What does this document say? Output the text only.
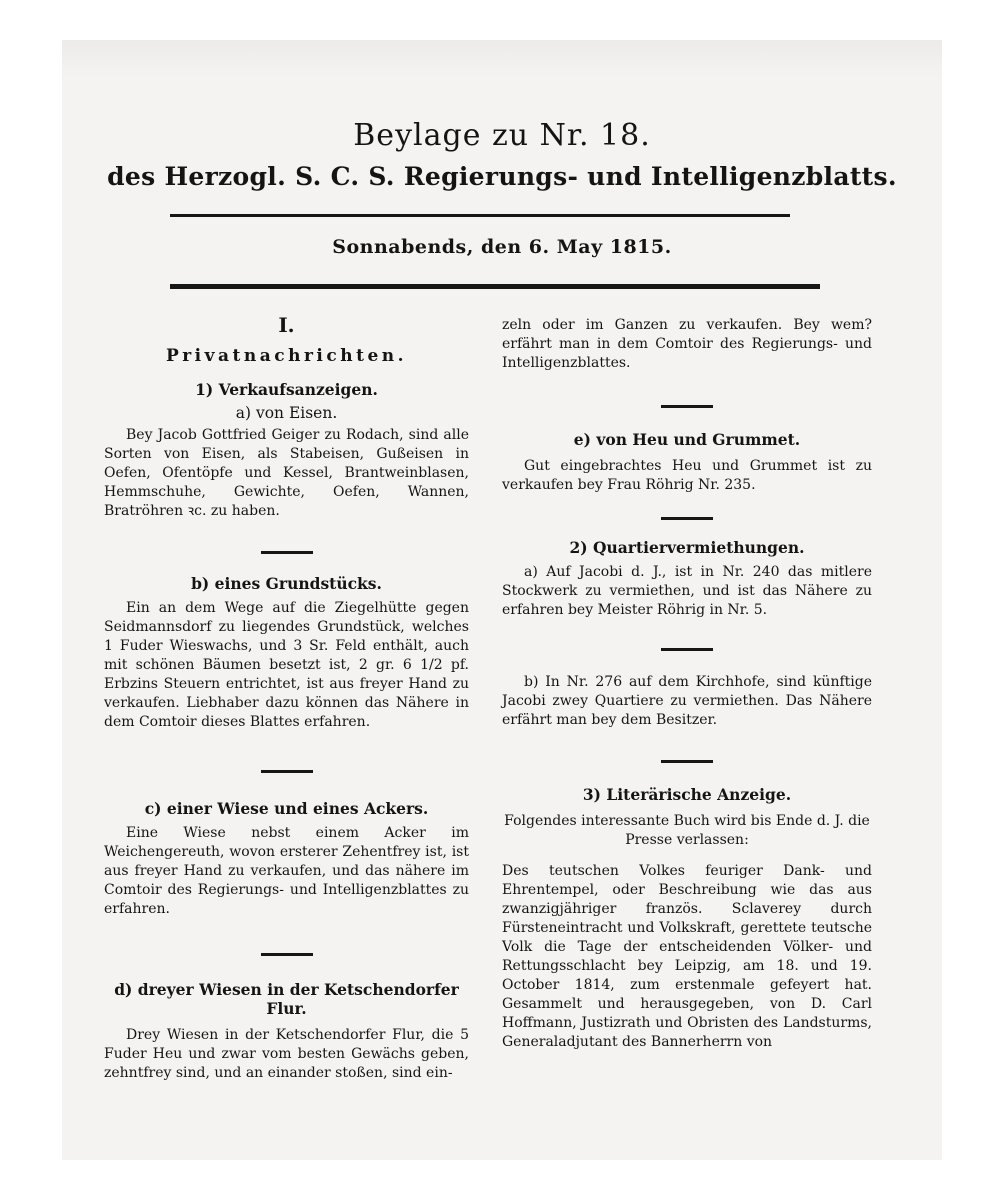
Beylage zu Nr. 18.
des Herzogl. S. C. S. Regierungs- und Intelligenzblatts.
Sonnabends, den 6. May 1815.

I.

Privatnachrichten.

1) Verkaufsanzeigen.

a) von Eisen.

Bey Jacob Gottfried Geiger zu Rodach, sind alle Sorten von Eisen, als Stabeisen, Gußeisen in Oefen, Ofentöpfe und Kessel, Brantweinblasen, Hemmschuhe, Gewichte, Oefen, Wannen, Bratröhren ꝛc. zu haben.

b) eines Grundstücks.

Ein an dem Wege auf die Ziegelhütte gegen Seidmannsdorf zu liegendes Grundstück, welches 1 Fuder Wieswachs, und 3 Sr. Feld enthält, auch mit schönen Bäumen besetzt ist, 2 gr. 6 1/2 pf. Erbzins Steuern entrichtet, ist aus freyer Hand zu verkaufen. Liebhaber dazu können das Nähere in dem Comtoir dieses Blattes erfahren.

c) einer Wiese und eines Ackers.

Eine Wiese nebst einem Acker im Weichengereuth, wovon ersterer Zehentfrey ist, ist aus freyer Hand zu verkaufen, und das nähere im Comtoir des Regierungs- und Intelligenzblattes zu erfahren.

d) dreyer Wiesen in der Ketschendorfer Flur.

Drey Wiesen in der Ketschendorfer Flur, die 5 Fuder Heu und zwar vom besten Gewächs geben, zehntfrey sind, und an einander stoßen, sind ein-

zeln oder im Ganzen zu verkaufen. Bey wem? erfährt man in dem Comtoir des Regierungs- und Intelligenzblattes.

e) von Heu und Grummet.

Gut eingebrachtes Heu und Grummet ist zu verkaufen bey Frau Röhrig Nr. 235.

2) Quartiervermiethungen.

a) Auf Jacobi d. J., ist in Nr. 240 das mitlere Stockwerk zu vermiethen, und ist das Nähere zu erfahren bey Meister Röhrig in Nr. 5.

b) In Nr. 276 auf dem Kirchhofe, sind künftige Jacobi zwey Quartiere zu vermiethen. Das Nähere erfährt man bey dem Besitzer.

3) Literärische Anzeige.

Folgendes interessante Buch wird bis Ende d. J. die Presse verlassen:

Des teutschen Volkes feuriger Dank- und Ehrentempel, oder Beschreibung wie das aus zwanzigjähriger französ. Sclaverey durch Fürsteneintracht und Volkskraft, gerettete teutsche Volk die Tage der entscheidenden Völker- und Rettungsschlacht bey Leipzig, am 18. und 19. October 1814, zum erstenmale gefeyert hat. Gesammelt und herausgegeben, von D. Carl Hoffmann, Justizrath und Obristen des Landsturms, Generaladjutant des Bannerherrn von
